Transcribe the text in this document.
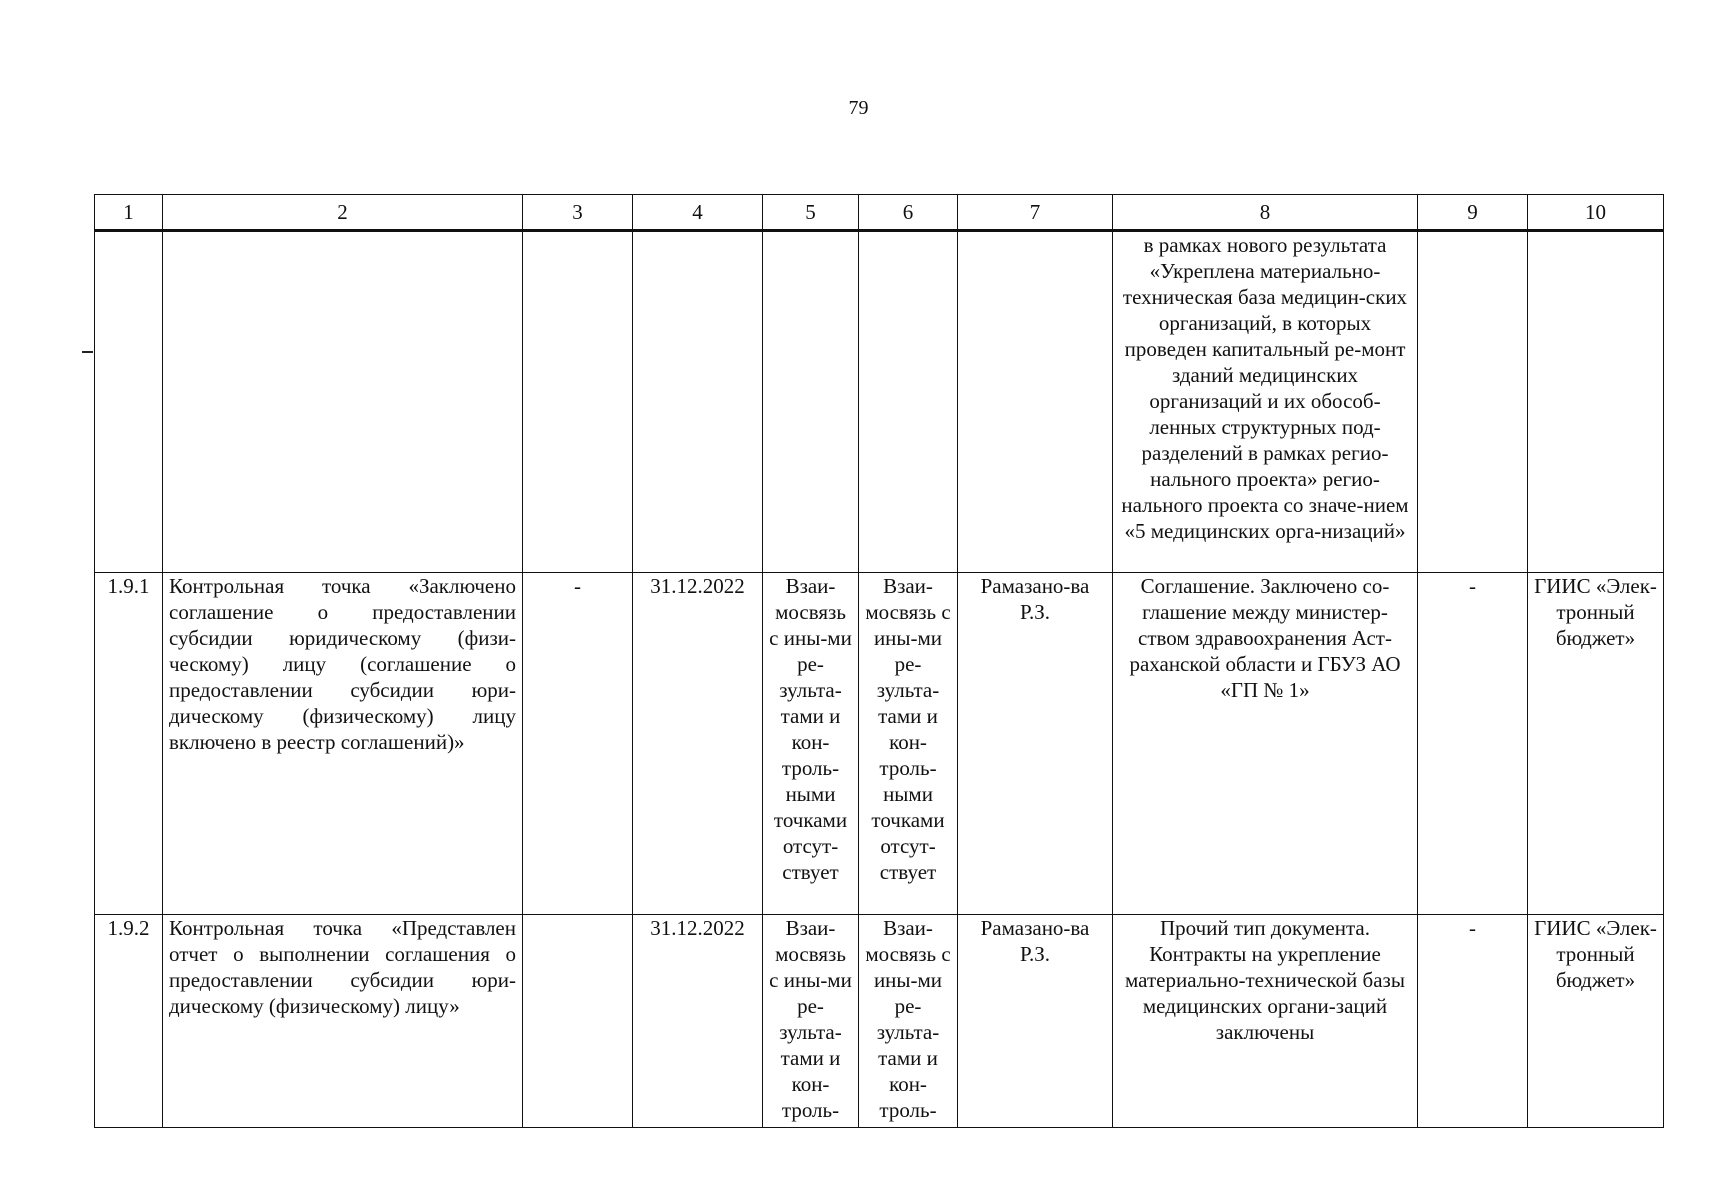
79
1	2	3	4	5	6	7	8	9	10
							в рамках нового результата «Укреплена материально-техническая база медицин-ских организаций, в которых проведен капитальный ре-монт зданий медицинских организаций и их обособ-ленных структурных под-разделений в рамках регио-нального проекта» регио-нального проекта со значе-нием «5 медицинских орга-низаций»		
1.9.1	Контрольная точка «Заключено соглашение о предоставлении субсидии юридическому (физи-ческому) лицу (соглашение о предоставлении субсидии юри-дическому (физическому) лицу включено в реестр соглашений)»	-	31.12.2022	Взаи-мосвязь с ины-ми ре-зульта-тами и кон-троль-ными точками отсут-ствует	Взаи-мосвязь с ины-ми ре-зульта-тами и кон-троль-ными точками отсут-ствует	Рамазано-ва Р.З.	Соглашение. Заключено со-глашение между министер-ством здравоохранения Аст-раханской области и ГБУЗ АО «ГП № 1»	-	ГИИС «Элек-тронный бюджет»
1.9.2	Контрольная точка «Представлен отчет о выполнении соглашения о предоставлении субсидии юри-дическому (физическому) лицу»		31.12.2022	Взаи-мосвязь с ины-ми ре-зульта-тами и кон-троль-	Взаи-мосвязь с ины-ми ре-зульта-тами и кон-троль-	Рамазано-ва Р.З.	Прочий тип документа. Контракты на укрепление материально-технической базы медицинских органи-заций заключены	-	ГИИС «Элек-тронный бюджет»
